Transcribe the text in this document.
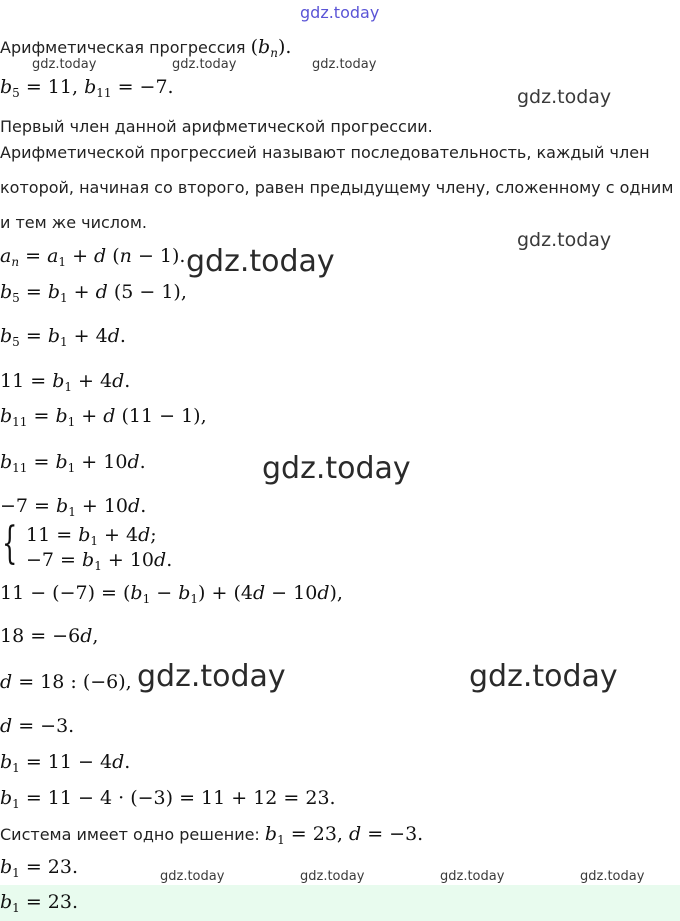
gdz.today
Арифметическая прогрессия $(b_n)$.
gdz.today	gdz.today	gdz.today
$b_5 = 11$, $b_{11} = -7$.	gdz.today
Первый член данной арифметической прогрессии.
Арифметической прогрессией называют последовательность, каждый член
которой, начиная со второго, равен предыдущему члену, сложенному с одним
и тем же числом.
gdz.today
$a_n = a_1 + d$ (n − 1). gdz.today
$b_5 = b_1 + d$ (5 − 1),
$b_5 = b_1 + 4d$.
$11 = b_1 + 4d$.
$b_{11} = b_1 + d$ (11 − 1),
$b_{11} = b_1 + 10d$.	gdz.today
$-7 = b_1 + 10d$.
{ $11 = b_1 + 4d$;
$-7 = b_1 + 10d$.
$11 - (-7) = (b_1 - b_1) + (4d - 10d)$,
18 = −6d,
d = 18 : (−6), gdz.today	gdz.today
d = −3.
$b_1 = 11 - 4d$.
$b_1 = 11 - 4 \cdot (-3) = 11 + 12 = 23$.
Система имеет одно решение: $b_1 = 23$, d = −3.
$b_1 = 23$.	gdz.today	gdz.today	gdz.today	gdz.today
$b_1 = 23$.
